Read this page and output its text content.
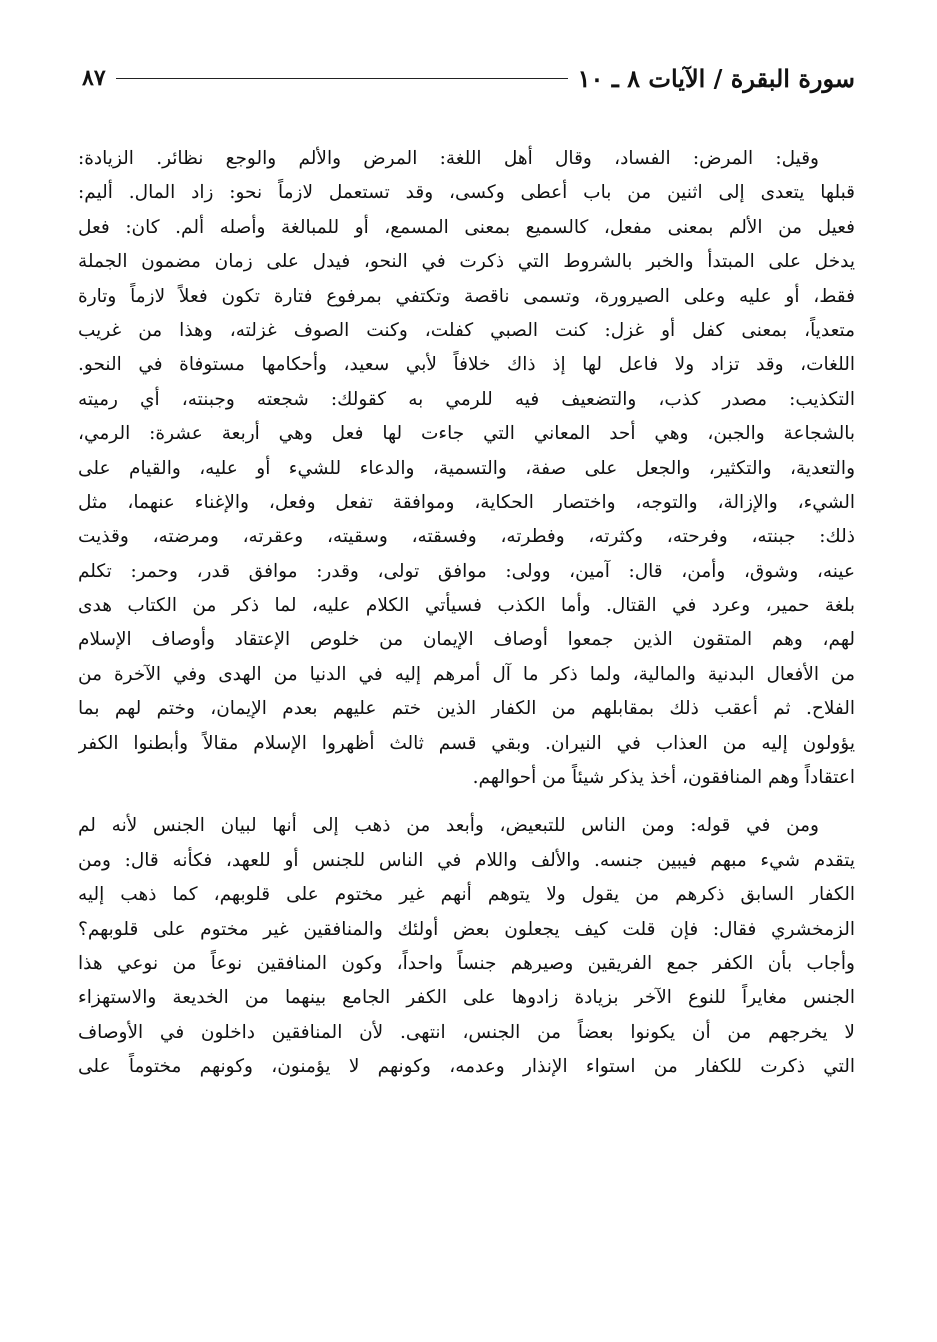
سورة البقرة / الآيات ٨ ـ ١٠
٨٧
وقيل: المرض: الفساد، وقال أهل اللغة: المرض والألم والوجع نظائر. الزيادة:
قبلها يتعدى إلى اثنين من باب أعطى وكسى، وقد تستعمل لازماً نحو: زاد المال. أليم:
فعيل من الألم بمعنى مفعل، كالسميع بمعنى المسمع، أو للمبالغة وأصله ألم. كان: فعل
يدخل على المبتدأ والخبر بالشروط التي ذكرت في النحو، فيدل على زمان مضمون الجملة
فقط، أو عليه وعلى الصيرورة، وتسمى ناقصة وتكتفي بمرفوع فتارة تكون فعلاً لازماً وتارة
متعدياً، بمعنى كفل أو غزل: كنت الصبي كفلت، وكنت الصوف غزلته، وهذا من غريب
اللغات، وقد تزاد ولا فاعل لها إذ ذاك خلافاً لأبي سعيد، وأحكامها مستوفاة في النحو.
التكذيب: مصدر كذب، والتضعيف فيه للرمي به كقولك: شجعته وجبنته، أي رميته
بالشجاعة والجبن، وهي أحد المعاني التي جاءت لها فعل وهي أربعة عشرة: الرمي،
والتعدية، والتكثير، والجعل على صفة، والتسمية، والدعاء للشيء أو عليه، والقيام على
الشيء، والإزالة، والتوجه، واختصار الحكاية، وموافقة تفعل وفعل، والإغناء عنهما، مثل
ذلك: جبنته، وفرحته، وكثرته، وفطرته، وفسقته، وسقيته، وعقرته، ومرضته، وقذيت
عينه، وشوق، وأمن، قال: آمين، وولى: موافق تولى، وقدر: موافق قدر، وحمر: تكلم
بلغة حمير، وعرد في القتال. وأما الكذب فسيأتي الكلام عليه، لما ذكر من الكتاب هدى
لهم، وهم المتقون الذين جمعوا أوصاف الإيمان من خلوص الإعتقاد وأوصاف الإسلام
من الأفعال البدنية والمالية، ولما ذكر ما آل أمرهم إليه في الدنيا من الهدى وفي الآخرة من
الفلاح. ثم أعقب ذلك بمقابلهم من الكفار الذين ختم عليهم بعدم الإيمان، وختم لهم بما
يؤولون إليه من العذاب في النيران. وبقي قسم ثالث أظهروا الإسلام مقالاً وأبطنوا الكفر
اعتقاداً وهم المنافقون، أخذ يذكر شيئاً من أحوالهم.
ومن في قوله: ومن الناس للتبعيض، وأبعد من ذهب إلى أنها لبيان الجنس لأنه لم
يتقدم شيء مبهم فيبين جنسه. والألف واللام في الناس للجنس أو للعهد، فكأنه قال: ومن
الكفار السابق ذكرهم من يقول ولا يتوهم أنهم غير مختوم على قلوبهم، كما ذهب إليه
الزمخشري فقال: فإن قلت كيف يجعلون بعض أولئك والمنافقين غير مختوم على قلوبهم؟
وأجاب بأن الكفر جمع الفريقين وصيرهم جنساً واحداً، وكون المنافقين نوعاً من نوعي هذا
الجنس مغايراً للنوع الآخر بزيادة زادوها على الكفر الجامع بينهما من الخديعة والاستهزاء
لا يخرجهم من أن يكونوا بعضاً من الجنس، انتهى. لأن المنافقين داخلون في الأوصاف
التي ذكرت للكفار من استواء الإنذار وعدمه، وكونهم لا يؤمنون، وكونهم مختوماً على
